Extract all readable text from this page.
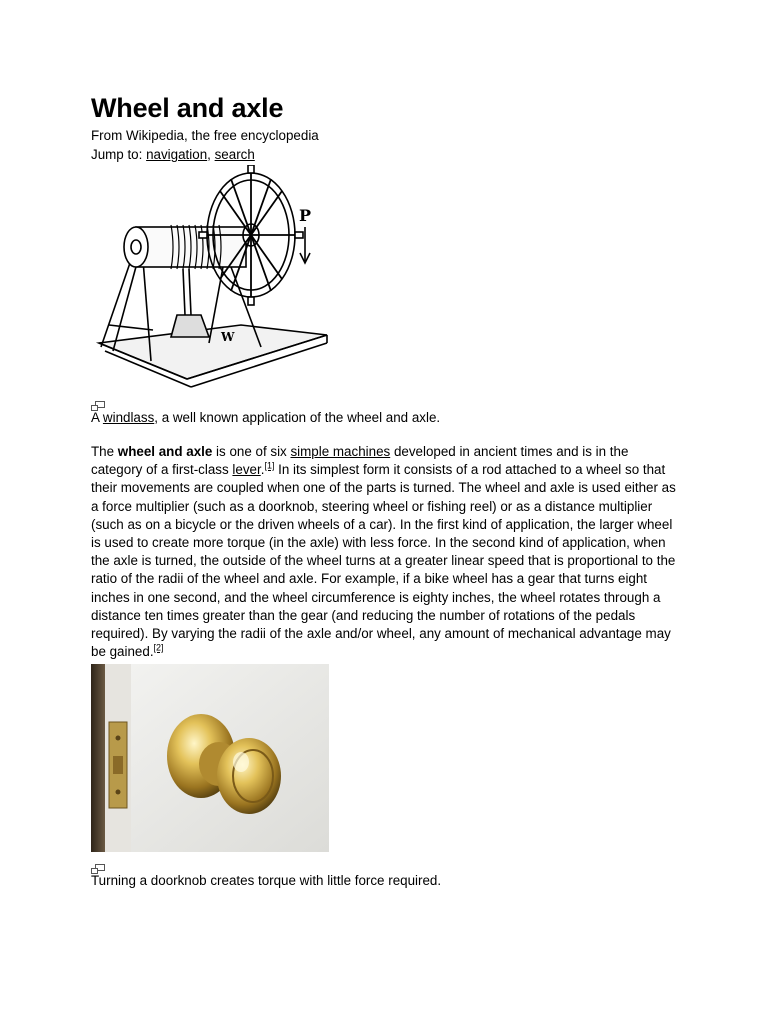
Wheel and axle
From Wikipedia, the free encyclopedia
Jump to: navigation, search
P
W
A windlass, a well known application of the wheel and axle.
The wheel and axle is one of six simple machines developed in ancient times and is in the category of a first-class lever.[1] In its simplest form it consists of a rod attached to a wheel so that their movements are coupled when one of the parts is turned. The wheel and axle is used either as a force multiplier (such as a doorknob, steering wheel or fishing reel) or as a distance multiplier (such as on a bicycle or the driven wheels of a car). In the first kind of application, the larger wheel is used to create more torque (in the axle) with less force. In the second kind of application, when the axle is turned, the outside of the wheel turns at a greater linear speed that is proportional to the ratio of the radii of the wheel and axle. For example, if a bike wheel has a gear that turns eight inches in one second, and the wheel circumference is eighty inches, the wheel rotates through a distance ten times greater than the gear (and reducing the number of rotations of the pedals required). By varying the radii of the axle and/or wheel, any amount of mechanical advantage may be gained.[2]
Turning a doorknob creates torque with little force required.
